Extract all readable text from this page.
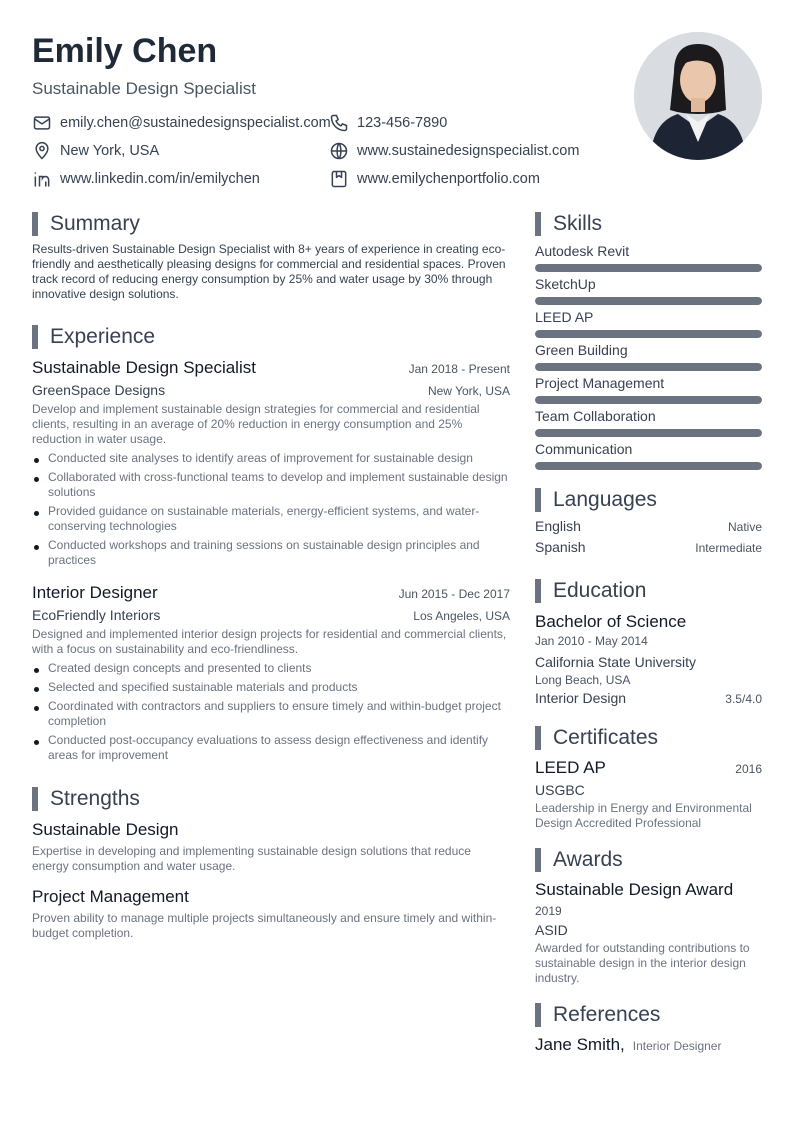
Emily Chen
Sustainable Design Specialist
emily.chen@sustainedesignspecialist.com 123-456-7890
New York, USA	www.sustainedesignspecialist.com
www.linkedin.com/in/emilychen	www.emilychenportfolio.com
Summary
Results-driven Sustainable Design Specialist with 8+ years of experience in creating eco-friendly and aesthetically pleasing designs for commercial and residential spaces. Proven track record of reducing energy consumption by 25% and water usage by 30% through innovative design solutions.
Experience
Sustainable Design Specialist	Jan 2018 - Present
GreenSpace Designs	New York, USA
Develop and implement sustainable design strategies for commercial and residential clients, resulting in an average of 20% reduction in energy consumption and 25% reduction in water usage.
Conducted site analyses to identify areas of improvement for sustainable design
Collaborated with cross-functional teams to develop and implement sustainable design solutions
Provided guidance on sustainable materials, energy-efficient systems, and water-conserving technologies
Conducted workshops and training sessions on sustainable design principles and practices
Interior Designer	Jun 2015 - Dec 2017
EcoFriendly Interiors	Los Angeles, USA
Designed and implemented interior design projects for residential and commercial clients, with a focus on sustainability and eco-friendliness.
Created design concepts and presented to clients
Selected and specified sustainable materials and products
Coordinated with contractors and suppliers to ensure timely and within-budget project completion
Conducted post-occupancy evaluations to assess design effectiveness and identify areas for improvement
Strengths
Sustainable Design
Expertise in developing and implementing sustainable design solutions that reduce energy consumption and water usage.
Project Management
Proven ability to manage multiple projects simultaneously and ensure timely and within-budget completion.
Skills
Autodesk Revit
SketchUp
LEED AP
Green Building
Project Management
Team Collaboration
Communication
Languages
English	Native
Spanish	Intermediate
Education
Bachelor of Science
Jan 2010 - May 2014
California State University
Long Beach, USA
Interior Design	3.5/4.0
Certificates
LEED AP	2016
USGBC
Leadership in Energy and Environmental Design Accredited Professional
Awards
Sustainable Design Award
2019
ASID
Awarded for outstanding contributions to sustainable design in the interior design industry.
References
Jane Smith, Interior Designer
